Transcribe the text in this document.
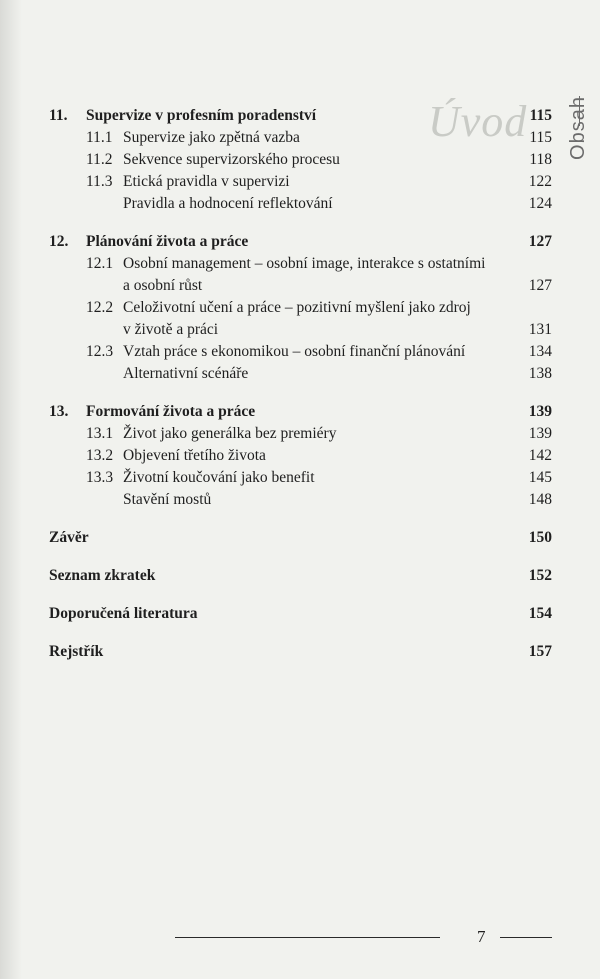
Úvod Obsah
11. Supervize v profesním poradenství	115
11.1 Supervize jako zpětná vazba	115
11.2 Sekvence supervizorského procesu	118
11.3 Etická pravidla v supervizi	122
Pravidla a hodnocení reflektování	124
12. Plánování života a práce	127
12.1 Osobní management – osobní image, interakce s ostatními
a osobní růst	127
12.2 Celoživotní učení a práce – pozitivní myšlení jako zdroj
v životě a práci	131
12.3 Vztah práce s ekonomikou – osobní finanční plánování	134
Alternativní scénáře	138
13. Formování života a práce	139
13.1 Život jako generálka bez premiéry	139
13.2 Objevení třetího života	142
13.3 Životní koučování jako benefit	145
Stavění mostů	148
Závěr	150
Seznam zkratek	152
Doporučená literatura	154
Rejstřík	157
7
